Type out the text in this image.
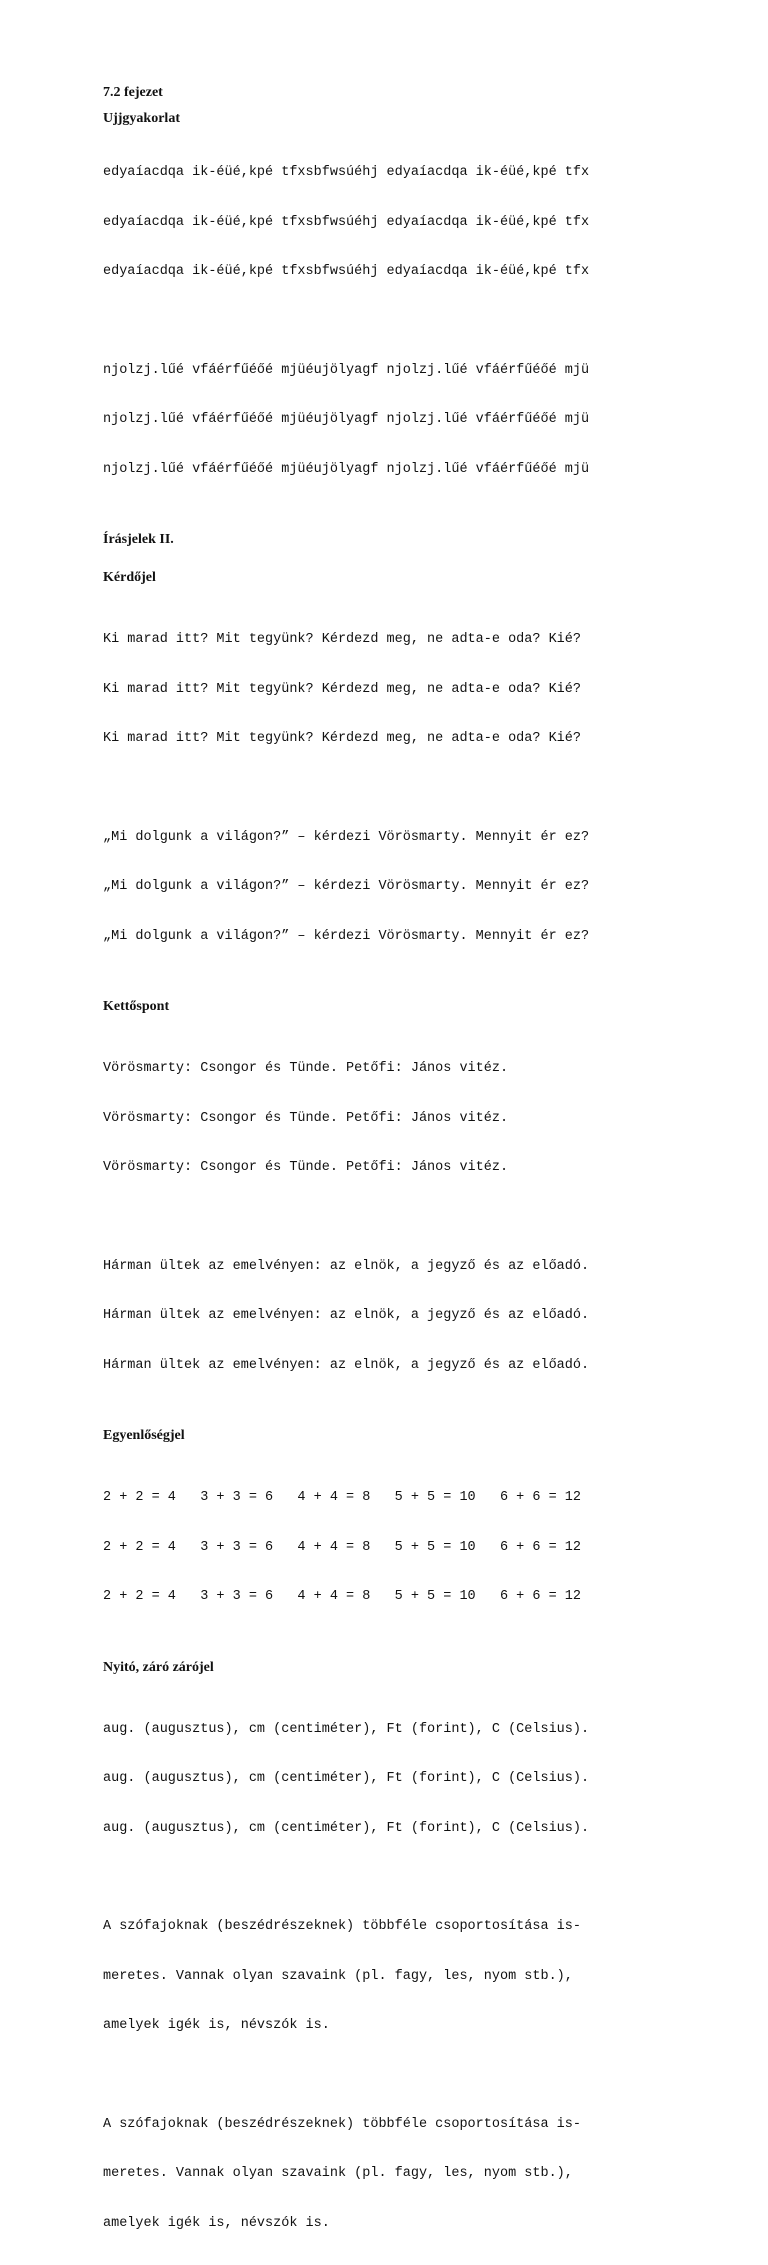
7.2 fejezet
Ujjgyakorlat

edyaíacdqa ik-éüé,kpé tfxsbfwsúéhj edyaíacdqa ik-éüé,kpé tfx

edyaíacdqa ik-éüé,kpé tfxsbfwsúéhj edyaíacdqa ik-éüé,kpé tfx

edyaíacdqa ik-éüé,kpé tfxsbfwsúéhj edyaíacdqa ik-éüé,kpé tfx

njolzj.lűé vfáérfűéőé mjüéujölyagf njolzj.lűé vfáérfűéőé mjü

njolzj.lűé vfáérfűéőé mjüéujölyagf njolzj.lűé vfáérfűéőé mjü

njolzj.lűé vfáérfűéőé mjüéujölyagf njolzj.lűé vfáérfűéőé mjü

Írásjelek II.
Kérdőjel

Ki marad itt? Mit tegyünk? Kérdezd meg, ne adta-e oda? Kié?

Ki marad itt? Mit tegyünk? Kérdezd meg, ne adta-e oda? Kié?

Ki marad itt? Mit tegyünk? Kérdezd meg, ne adta-e oda? Kié?

„Mi dolgunk a világon?” – kérdezi Vörösmarty. Mennyit ér ez?

„Mi dolgunk a világon?” – kérdezi Vörösmarty. Mennyit ér ez?

„Mi dolgunk a világon?” – kérdezi Vörösmarty. Mennyit ér ez?

Kettőspont

Vörösmarty: Csongor és Tünde. Petőfi: János vitéz.

Vörösmarty: Csongor és Tünde. Petőfi: János vitéz.

Vörösmarty: Csongor és Tünde. Petőfi: János vitéz.

Hárman ültek az emelvényen: az elnök, a jegyző és az előadó.

Hárman ültek az emelvényen: az elnök, a jegyző és az előadó.

Hárman ültek az emelvényen: az elnök, a jegyző és az előadó.

Egyenlőségjel

2 + 2 = 4   3 + 3 = 6   4 + 4 = 8   5 + 5 = 10   6 + 6 = 12

2 + 2 = 4   3 + 3 = 6   4 + 4 = 8   5 + 5 = 10   6 + 6 = 12

2 + 2 = 4   3 + 3 = 6   4 + 4 = 8   5 + 5 = 10   6 + 6 = 12

Nyitó, záró zárójel

aug. (augusztus), cm (centiméter), Ft (forint), C (Celsius).

aug. (augusztus), cm (centiméter), Ft (forint), C (Celsius).

aug. (augusztus), cm (centiméter), Ft (forint), C (Celsius).

A szófajoknak (beszédrészeknek) többféle csoportosítása is-

meretes. Vannak olyan szavaink (pl. fagy, les, nyom stb.),

amelyek igék is, névszók is.

A szófajoknak (beszédrészeknek) többféle csoportosítása is-

meretes. Vannak olyan szavaink (pl. fagy, les, nyom stb.),

amelyek igék is, névszók is.
